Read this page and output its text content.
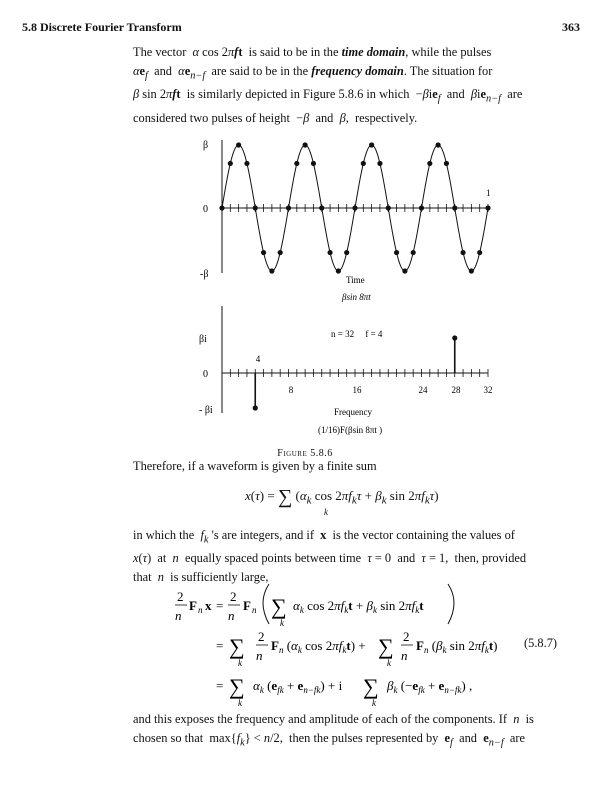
5.8 Discrete Fourier Transform	363
The vector  α cos 2πft  is said to be in the time domain, while the pulses
$\alpha e_f$  and  $\alpha e_{n-f}$  are said to be in the frequency domain. The situation for
β sin 2πft  is similarly depicted in Figure 5.8.6 in which  −βie$_f$  and  βie$_{n-f}$  are
considered two pulses of height  −β  and  β,  respectively.
β
0
-β
1
Time
βsin 8πt
βi
0
- βi
n = 32     f = 4
4
8	16	24	28	32
Frequency
(1/16)F(βsin 8πt )
Figure 5.8.6
Therefore, if a waveform is given by a finite sum
x(τ) = ∑ ($\alpha_k$ $\cos 2\pi f_k\tau + \beta_k$ $\sin 2\pi f_k\tau$)
k
in which the  $f_k$ 's are integers, and if  x  is the vector containing the values of
x(τ)  at  n  equally spaced points between time  τ = 0  and  τ = 1,  then, provided
that  n  is sufficiently large,
2
n
F n x =
2
n
F n ∑
k
$\alpha_k$ $\cos 2\pi f_kt + \beta_k$ $\sin 2\pi f_kt$
= ∑
k
2
n
$F_n$ ($\alpha_k$ $\cos 2\pi f_kt$) + ∑
k
2
n
$F_n$ ($\beta_k$ $\sin 2\pi f_kt$)
= ∑
k
$\alpha_k$ $(e_{fk} + e_{n-fk}) + i$ ∑
k
$\beta_k$ $(-e_{fk} + e_{n-fk})$ ,
(5.8.7)
and this exposes the frequency and amplitude of each of the components. If  n  is
chosen so that  $\max\{f_k\} < n/2$,  then the pulses represented by  $e_f$  and  $e_{n-f}$  are
